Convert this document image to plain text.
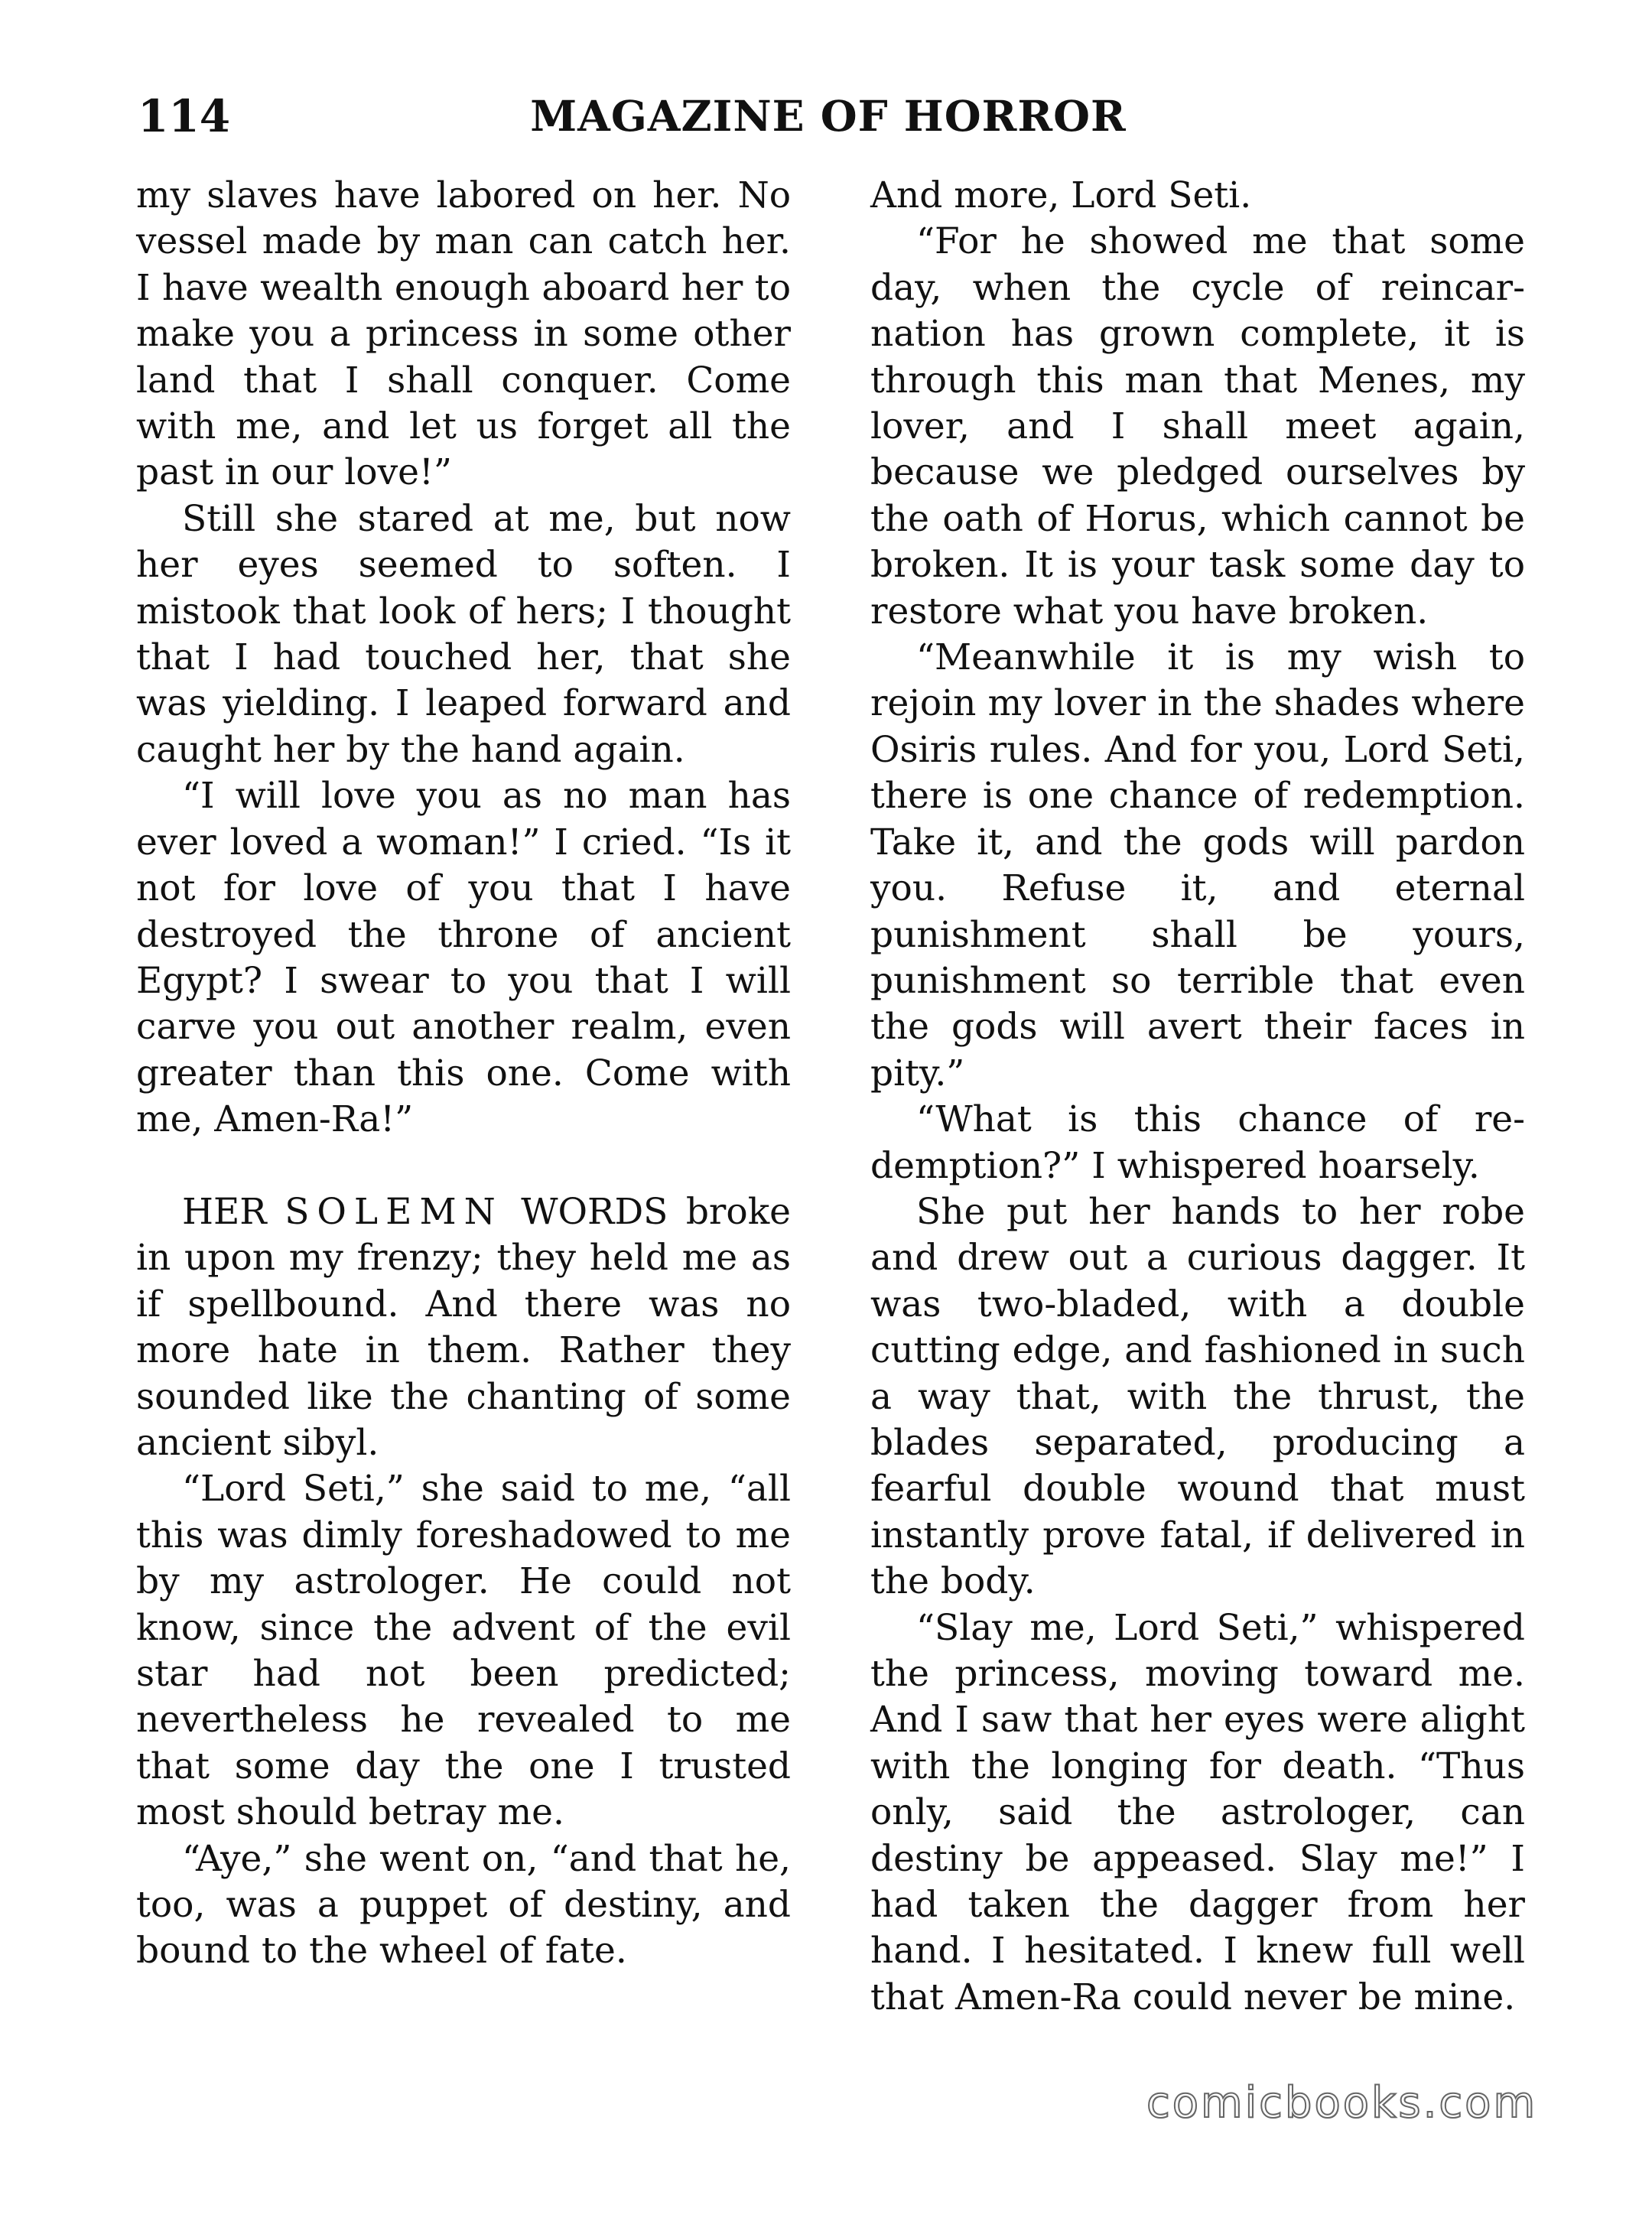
114	MAGAZINE OF HORROR

my slaves have labored on her. No vessel made by man can catch her. I have wealth enough aboard her to make you a princess in some other land that I shall conquer. Come with me, and let us forget all the past in our love!”

Still she stared at me, but now her eyes seemed to soften. I mistook that look of hers; I thought that I had touched her, that she was yielding. I leaped forward and caught her by the hand again.

“I will love you as no man has ever loved a woman!” I cried. “Is it not for love of you that I have destroyed the throne of ancient Egypt? I swear to you that I will carve you out another realm, even greater than this one. Come with me, Amen-Ra!”

HER SOLEMN WORDS broke in upon my frenzy; they held me as if spellbound. And there was no more hate in them. Rather they sounded like the chanting of some ancient sibyl.

“Lord Seti,” she said to me, “all this was dimly foreshadowed to me by my astrologer. He could not know, since the advent of the evil star had not been predicted; nevertheless he revealed to me that some day the one I trusted most should betray me.

“Aye,” she went on, “and that he, too, was a puppet of destiny, and bound to the wheel of fate.

And more, Lord Seti.

“For he showed me that some day, when the cycle of reincarnation has grown complete, it is through this man that Menes, my lover, and I shall meet again, because we pledged ourselves by the oath of Horus, which cannot be broken. It is your task some day to restore what you have broken.

“Meanwhile it is my wish to rejoin my lover in the shades where Osiris rules. And for you, Lord Seti, there is one chance of redemption. Take it, and the gods will pardon you. Refuse it, and eternal punishment shall be yours, punishment so terrible that even the gods will avert their faces in pity.”

“What is this chance of redemption?” I whispered hoarsely.

She put her hands to her robe and drew out a curious dagger. It was two-bladed, with a double cutting edge, and fashioned in such a way that, with the thrust, the blades separated, producing a fearful double wound that must instantly prove fatal, if delivered in the body.

“Slay me, Lord Seti,” whispered the princess, moving toward me. And I saw that her eyes were alight with the longing for death. “Thus only, said the astrologer, can destiny be appeased. Slay me!” I had taken the dagger from her hand. I hesitated. I knew full well that Amen-Ra could never be mine.

comicbooks.com
